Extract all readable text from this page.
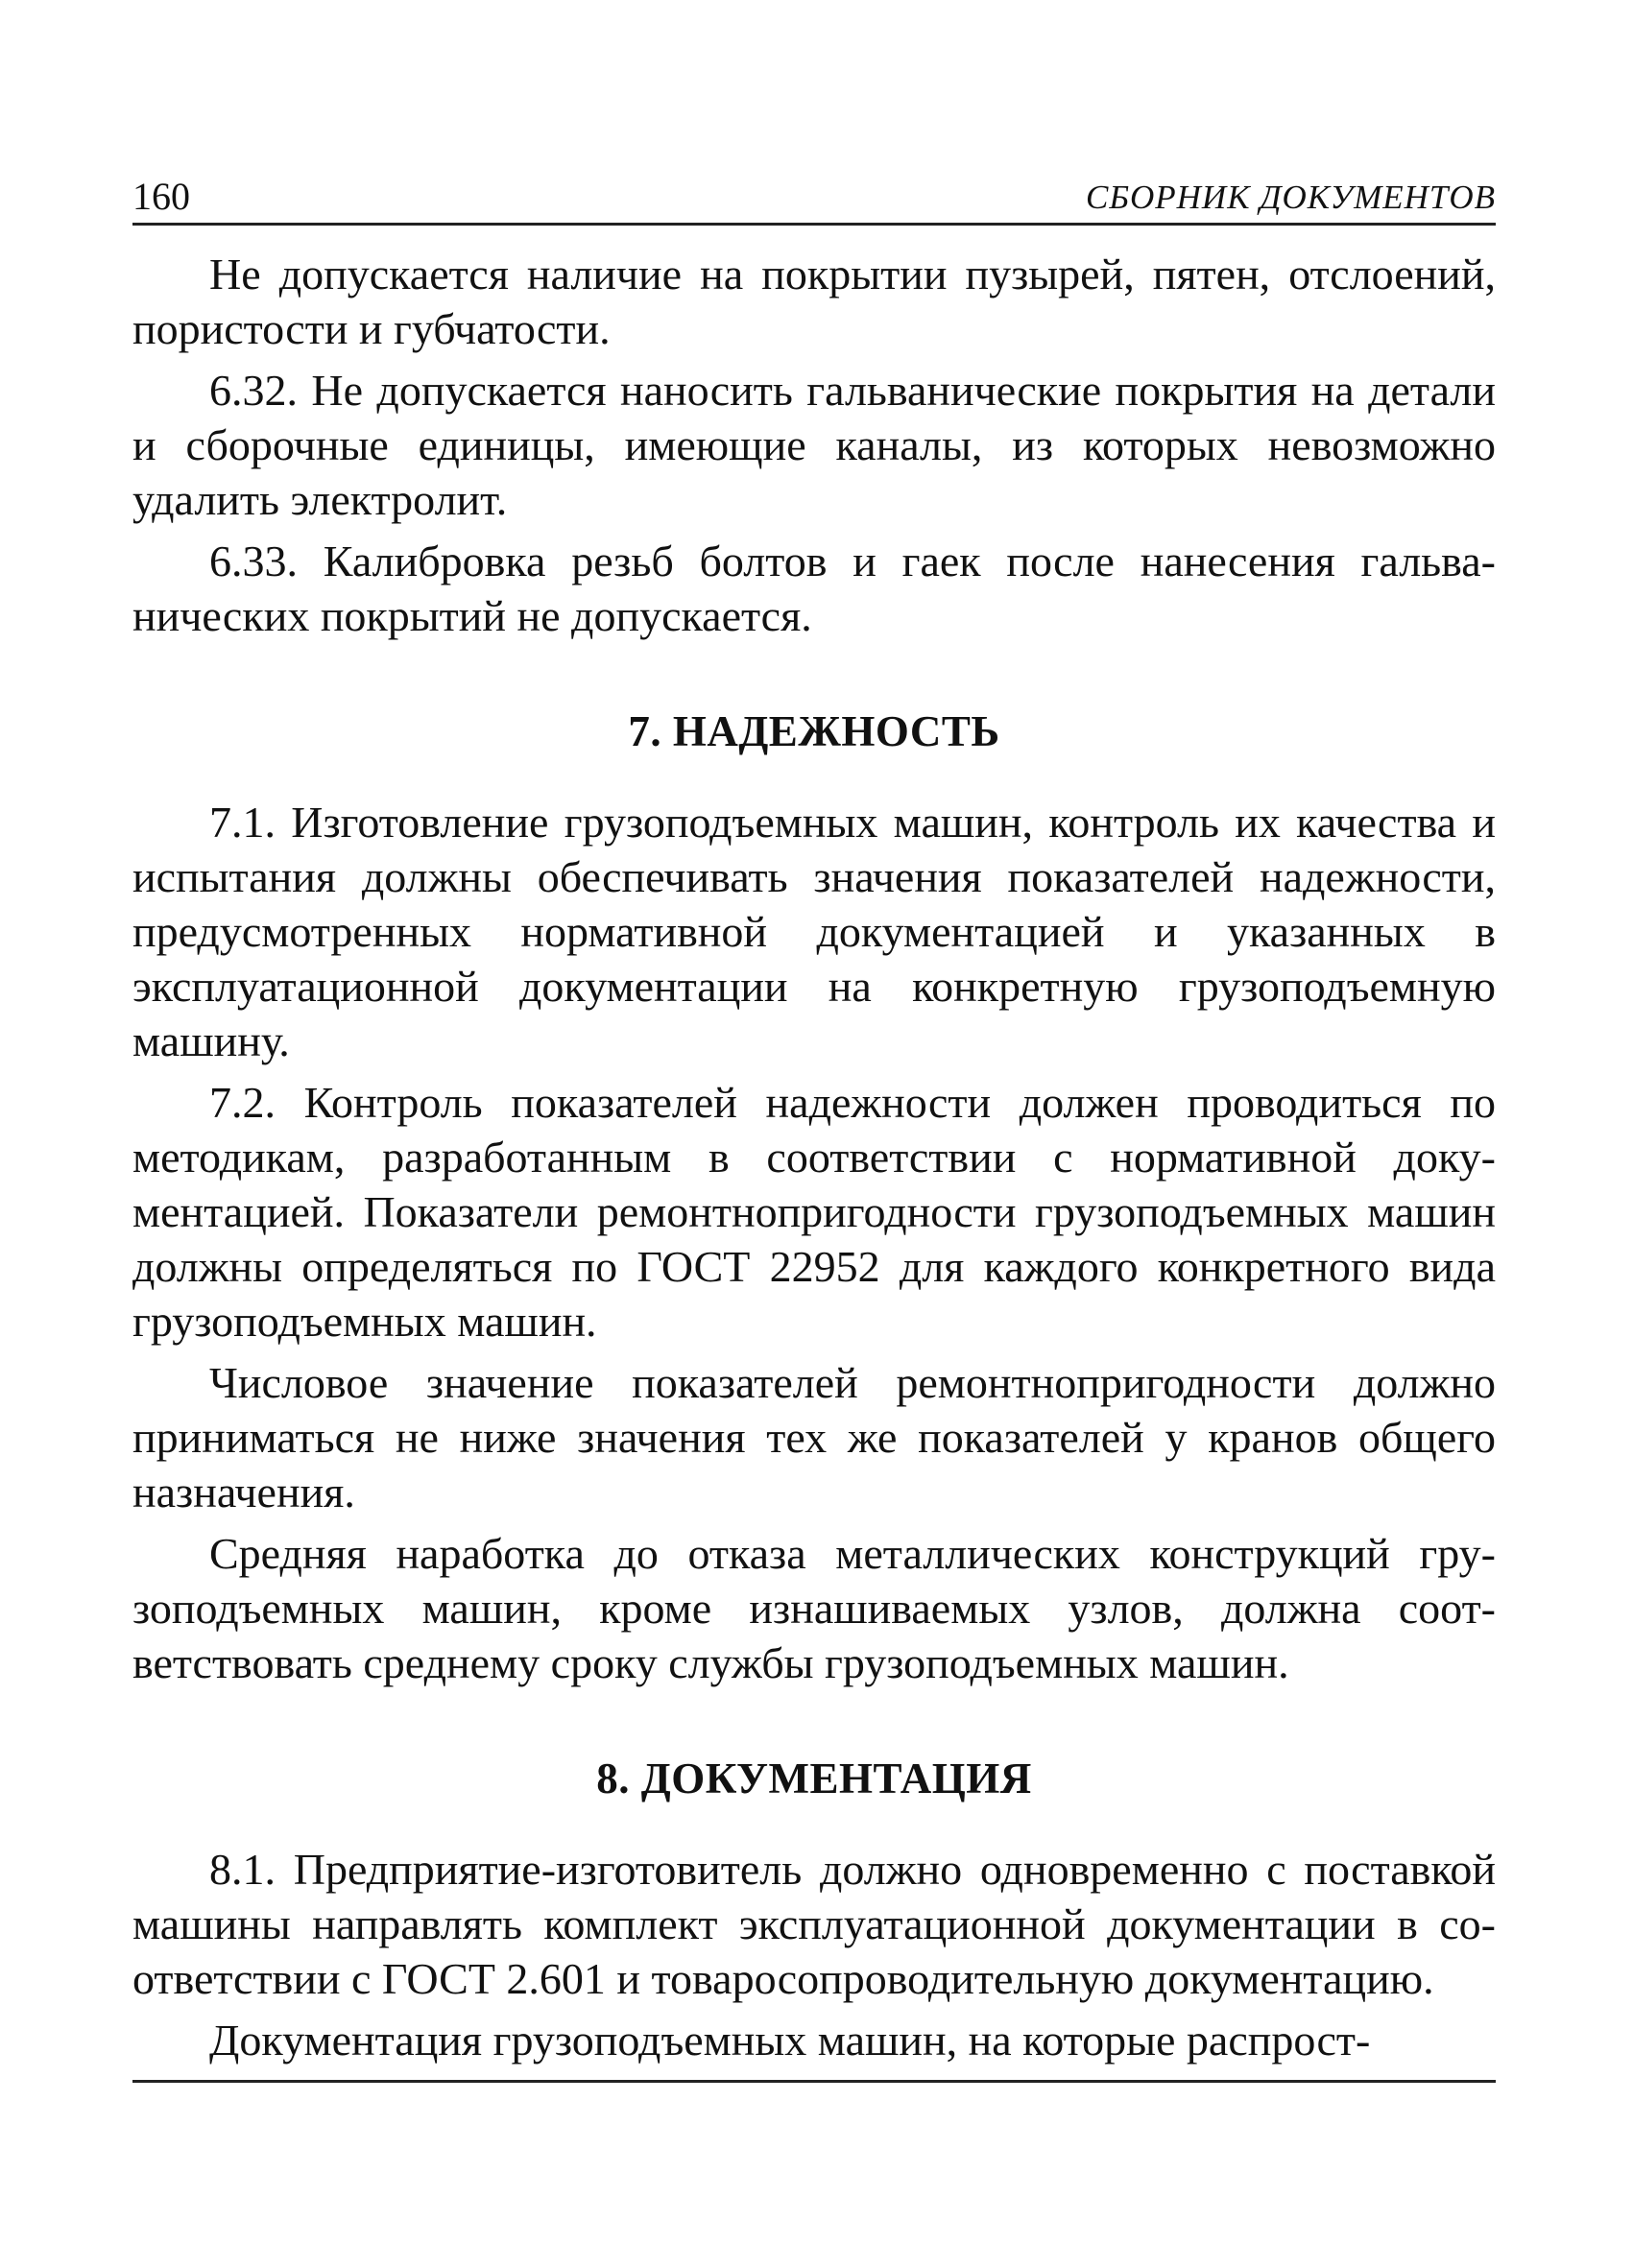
160	СБОРНИК ДОКУМЕНТОВ

Не допускается наличие на покрытии пузырей, пятен, отслоений, пористости и губчатости.

6.32. Не допускается наносить гальванические покрытия на детали и сборочные единицы, имеющие каналы, из которых невозможно удалить электролит.

6.33. Калибровка резьб болтов и гаек после нанесения гальванических покрытий не допускается.

7. НАДЕЖНОСТЬ

7.1. Изготовление грузоподъемных машин, контроль их качества и испытания должны обеспечивать значения показателей надежности, предусмотренных нормативной документацией и указанных в эксплуатационной документации на конкретную грузоподъемную машину.

7.2. Контроль показателей надежности должен проводиться по методикам, разработанным в соответствии с нормативной документацией. Показатели ремонтнопригодности грузоподъемных машин должны определяться по ГОСТ 22952 для каждого конкретного вида грузоподъемных машин.

Числовое значение показателей ремонтнопригодности должно приниматься не ниже значения тех же показателей у кранов общего назначения.

Средняя наработка до отказа металлических конструкций грузоподъемных машин, кроме изнашиваемых узлов, должна соответствовать среднему сроку службы грузоподъемных машин.

8. ДОКУМЕНТАЦИЯ

8.1. Предприятие-изготовитель должно одновременно с поставкой машины направлять комплект эксплуатационной документации в соответствии с ГОСТ 2.601 и товаросопроводительную документацию.

Документация грузоподъемных машин, на которые распрост-
